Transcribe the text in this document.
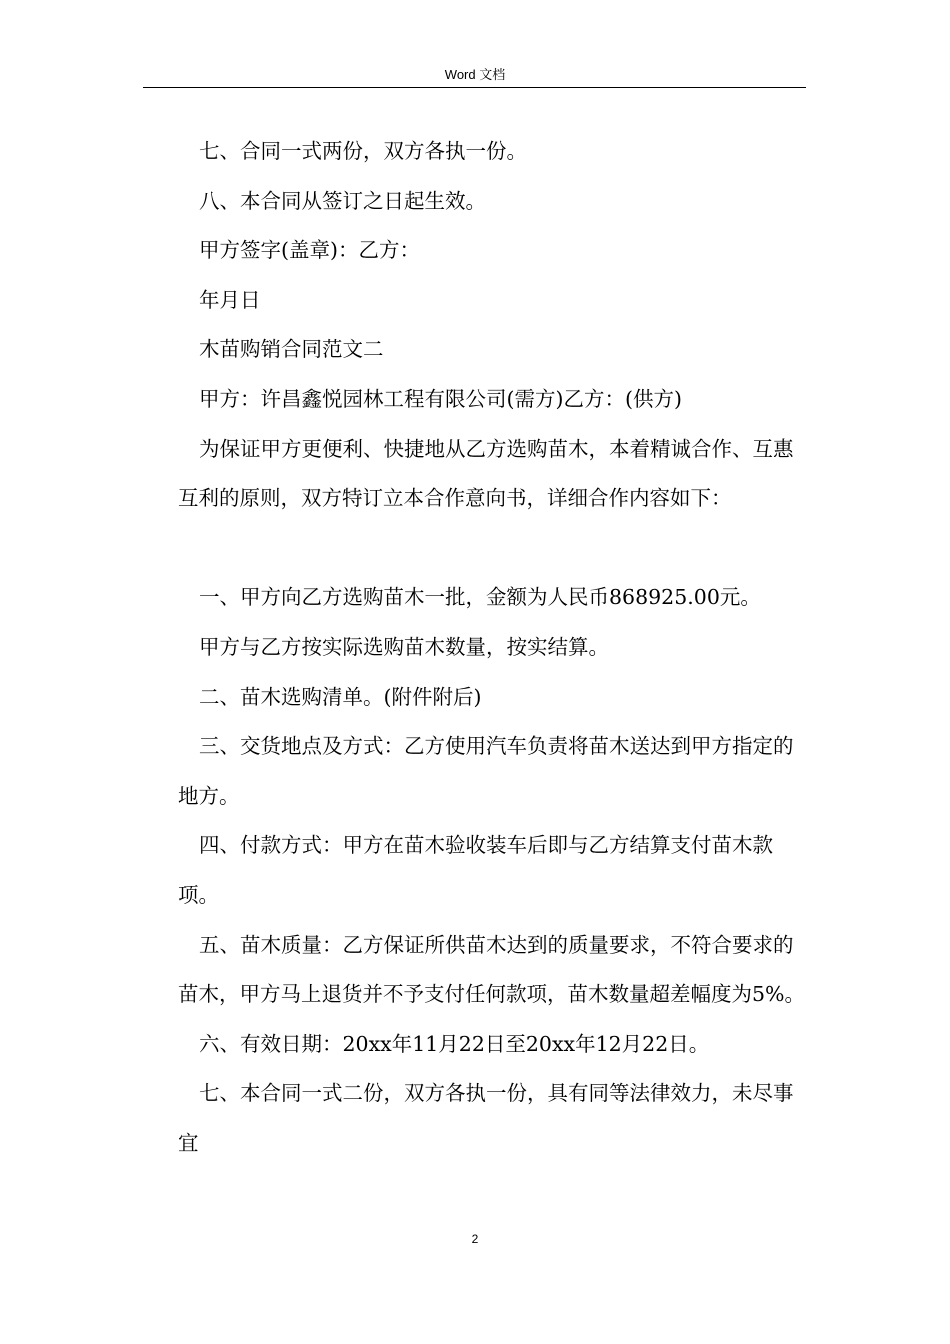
Word 文档

七、合同一式两份，双方各执一份。

八、本合同从签订之日起生效。

甲方签字(盖章)：乙方：

年月日

木苗购销合同范文二

甲方：许昌鑫悦园林工程有限公司(需方)乙方：(供方)

为保证甲方更便利、快捷地从乙方选购苗木，本着精诚合作、互惠互利的原则，双方特订立本合作意向书，详细合作内容如下：

一、甲方向乙方选购苗木一批，金额为人民币868925.00元。

甲方与乙方按实际选购苗木数量，按实结算。

二、苗木选购清单。(附件附后)

三、交货地点及方式：乙方使用汽车负责将苗木送达到甲方指定的地方。

四、付款方式：甲方在苗木验收装车后即与乙方结算支付苗木款项。

五、苗木质量：乙方保证所供苗木达到的质量要求，不符合要求的苗木，甲方马上退货并不予支付任何款项，苗木数量超差幅度为5%。

六、有效日期：20xx年11月22日至20xx年12月22日。

七、本合同一式二份，双方各执一份，具有同等法律效力，未尽事宜

2
